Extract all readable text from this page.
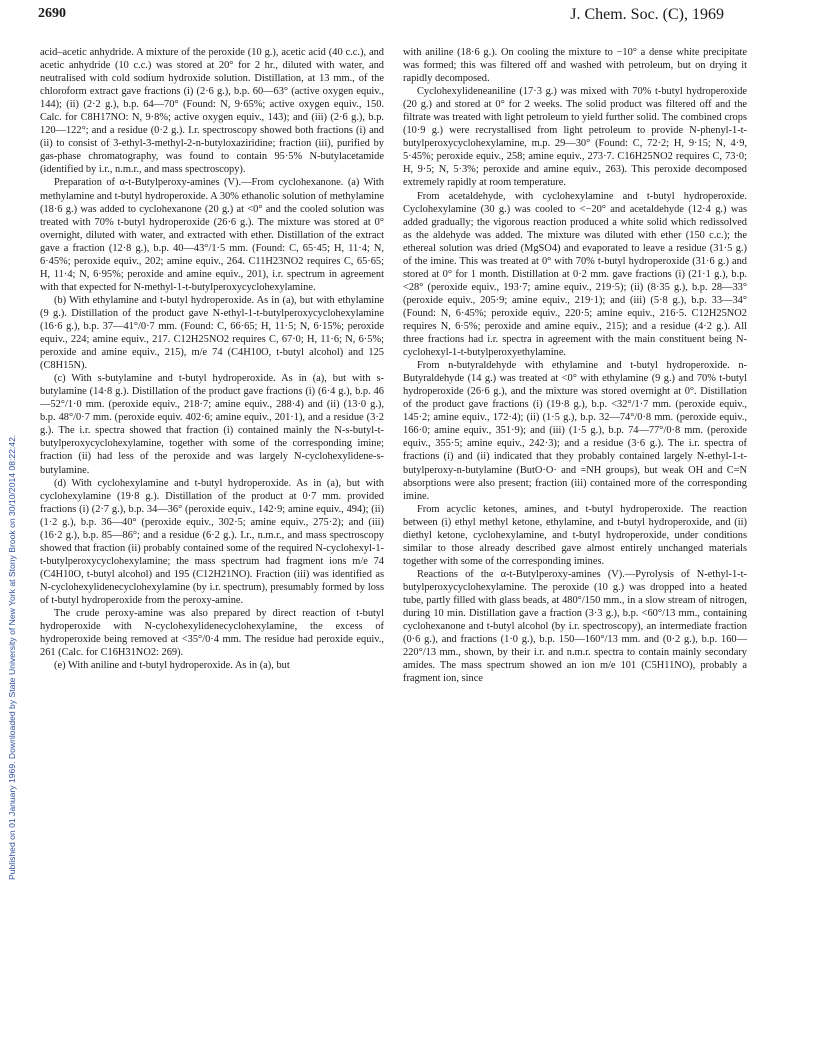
2690	J. Chem. Soc. (C), 1969
Published on 01 January 1969. Downloaded by State University of New York at Stony Brook on 30/10/2014 08:22:42.

acid–acetic anhydride. A mixture of the peroxide (10 g.), acetic acid (40 c.c.), and acetic anhydride (10 c.c.) was stored at 20° for 2 hr., diluted with water, and neutralised with cold sodium hydroxide solution. Distillation, at 13 mm., of the chloroform extract gave fractions (i) (2·6 g.), b.p. 60—63° (active oxygen equiv., 144); (ii) (2·2 g.), b.p. 64—70° (Found: N, 9·65%; active oxygen equiv., 150. Calc. for C8H17NO: N, 9·8%; active oxygen equiv., 143); and (iii) (2·6 g.), b.p. 120—122°; and a residue (0·2 g.). I.r. spectroscopy showed both fractions (i) and (ii) to consist of 3-ethyl-3-methyl-2-n-butyloxaziridine; fraction (iii), purified by gas-phase chromatography, was found to contain 95·5% N-butylacetamide (identified by i.r., n.m.r., and mass spectroscopy).

Preparation of α-t-Butylperoxy-amines (V).—From cyclohexanone. (a) With methylamine and t-butyl hydroperoxide. A 30% ethanolic solution of methylamine (18·6 g.) was added to cyclohexanone (20 g.) at <0° and the cooled solution was treated with 70% t-butyl hydroperoxide (26·6 g.). The mixture was stored at 0° overnight, diluted with water, and extracted with ether. Distillation of the extract gave a fraction (12·8 g.), b.p. 40—43°/1·5 mm. (Found: C, 65·45; H, 11·4; N, 6·45%; peroxide equiv., 202; amine equiv., 264. C11H23NO2 requires C, 65·65; H, 11·4; N, 6·95%; peroxide and amine equiv., 201), i.r. spectrum in agreement with that expected for N-methyl-1-t-butylperoxycyclohexylamine.

(b) With ethylamine and t-butyl hydroperoxide. As in (a), but with ethylamine (9 g.). Distillation of the product gave N-ethyl-1-t-butylperoxycyclohexylamine (16·6 g.), b.p. 37—41°/0·7 mm. (Found: C, 66·65; H, 11·5; N, 6·15%; peroxide equiv., 224; amine equiv., 217. C12H25NO2 requires C, 67·0; H, 11·6; N, 6·5%; peroxide and amine equiv., 215), m/e 74 (C4H10O, t-butyl alcohol) and 125 (C8H15N).

(c) With s-butylamine and t-butyl hydroperoxide. As in (a), but with s-butylamine (14·8 g.). Distillation of the product gave fractions (i) (6·4 g.), b.p. 46—52°/1·0 mm. (peroxide equiv., 218·7; amine equiv., 288·4) and (ii) (13·0 g.), b.p. 48°/0·7 mm. (peroxide equiv. 402·6; amine equiv., 201·1), and a residue (3·2 g.). The i.r. spectra showed that fraction (i) contained mainly the N-s-butyl-t-butylperoxycyclohexylamine, together with some of the corresponding imine; fraction (ii) had less of the peroxide and was largely N-cyclohexylidene-s-butylamine.

(d) With cyclohexylamine and t-butyl hydroperoxide. As in (a), but with cyclohexylamine (19·8 g.). Distillation of the product at 0·7 mm. provided fractions (i) (2·7 g.), b.p. 34—36° (peroxide equiv., 142·9; amine equiv., 494); (ii) (1·2 g.), b.p. 36—40° (peroxide equiv., 302·5; amine equiv., 275·2); and (iii) (16·2 g.), b.p. 85—86°; and a residue (6·2 g.). I.r., n.m.r., and mass spectroscopy showed that fraction (ii) probably contained some of the required N-cyclohexyl-1-t-butylperoxycyclohexylamine; the mass spectrum had fragment ions m/e 74 (C4H10O, t-butyl alcohol) and 195 (C12H21NO). Fraction (iii) was identified as N-cyclohexylidenecyclohexylamine (by i.r. spectrum), presumably formed by loss of t-butyl hydroperoxide from the peroxy-amine.

The crude peroxy-amine was also prepared by direct reaction of t-butyl hydroperoxide with N-cyclohexylidenecyclohexylamine, the excess of hydroperoxide being removed at <35°/0·4 mm. The residue had peroxide equiv., 261 (Calc. for C16H31NO2: 269).

(e) With aniline and t-butyl hydroperoxide. As in (a), but

with aniline (18·6 g.). On cooling the mixture to −10° a dense white precipitate was formed; this was filtered off and washed with petroleum, but on drying it rapidly decomposed.

Cyclohexylideneaniline (17·3 g.) was mixed with 70% t-butyl hydroperoxide (20 g.) and stored at 0° for 2 weeks. The solid product was filtered off and the filtrate was treated with light petroleum to yield further solid. The combined crops (10·9 g.) were recrystallised from light petroleum to provide N-phenyl-1-t-butylperoxycyclohexylamine, m.p. 29—30° (Found: C, 72·2; H, 9·15; N, 4·9, 5·45%; peroxide equiv., 258; amine equiv., 273·7. C16H25NO2 requires C, 73·0; H, 9·5; N, 5·3%; peroxide and amine equiv., 263). This peroxide decomposed extremely rapidly at room temperature.

From acetaldehyde, with cyclohexylamine and t-butyl hydroperoxide. Cyclohexylamine (30 g.) was cooled to <−20° and acetaldehyde (12·4 g.) was added gradually; the vigorous reaction produced a white solid which redissolved as the aldehyde was added. The mixture was diluted with ether (150 c.c.); the ethereal solution was dried (MgSO4) and evaporated to leave a residue (31·5 g.) of the imine. This was treated at 0° with 70% t-butyl hydroperoxide (31·6 g.) and stored at 0° for 1 month. Distillation at 0·2 mm. gave fractions (i) (21·1 g.), b.p. <28° (peroxide equiv., 193·7; amine equiv., 219·5); (ii) (8·35 g.), b.p. 28—33° (peroxide equiv., 205·9; amine equiv., 219·1); and (iii) (5·8 g.), b.p. 33—34° (Found: N, 6·45%; peroxide equiv., 220·5; amine equiv., 216·5. C12H25NO2 requires N, 6·5%; peroxide and amine equiv., 215); and a residue (4·2 g.). All three fractions had i.r. spectra in agreement with the main constituent being N-cyclohexyl-1-t-butylperoxyethylamine.

From n-butyraldehyde with ethylamine and t-butyl hydroperoxide. n-Butyraldehyde (14 g.) was treated at <0° with ethylamine (9 g.) and 70% t-butyl hydroperoxide (26·6 g.), and the mixture was stored overnight at 0°. Distillation of the product gave fractions (i) (19·8 g.), b.p. <32°/1·7 mm. (peroxide equiv., 145·2; amine equiv., 172·4); (ii) (1·5 g.), b.p. 32—74°/0·8 mm. (peroxide equiv., 166·0; amine equiv., 351·9); and (iii) (1·5 g.), b.p. 74—77°/0·8 mm. (peroxide equiv., 355·5; amine equiv., 242·3); and a residue (3·6 g.). The i.r. spectra of fractions (i) and (ii) indicated that they probably contained largely N-ethyl-1-t-butylperoxy-n-butylamine (ButO·O· and =NH groups), but weak OH and C=N absorptions were also present; fraction (iii) contained more of the corresponding imine.

From acyclic ketones, amines, and t-butyl hydroperoxide. The reaction between (i) ethyl methyl ketone, ethylamine, and t-butyl hydroperoxide, and (ii) diethyl ketone, cyclohexylamine, and t-butyl hydroperoxide, under conditions similar to those already described gave almost entirely unchanged materials together with some of the corresponding imines.

Reactions of the α-t-Butylperoxy-amines (V).—Pyrolysis of N-ethyl-1-t-butylperoxycyclohexylamine. The peroxide (10 g.) was dropped into a heated tube, partly filled with glass beads, at 480°/150 mm., in a slow stream of nitrogen, during 10 min. Distillation gave a fraction (3·3 g.), b.p. <60°/13 mm., containing cyclohexanone and t-butyl alcohol (by i.r. spectroscopy), an intermediate fraction (0·6 g.), and fractions (1·0 g.), b.p. 150—160°/13 mm. and (0·2 g.), b.p. 160—220°/13 mm., shown, by their i.r. and n.m.r. spectra to contain mainly secondary amides. The mass spectrum showed an ion m/e 101 (C5H11NO), probably a fragment ion, since
